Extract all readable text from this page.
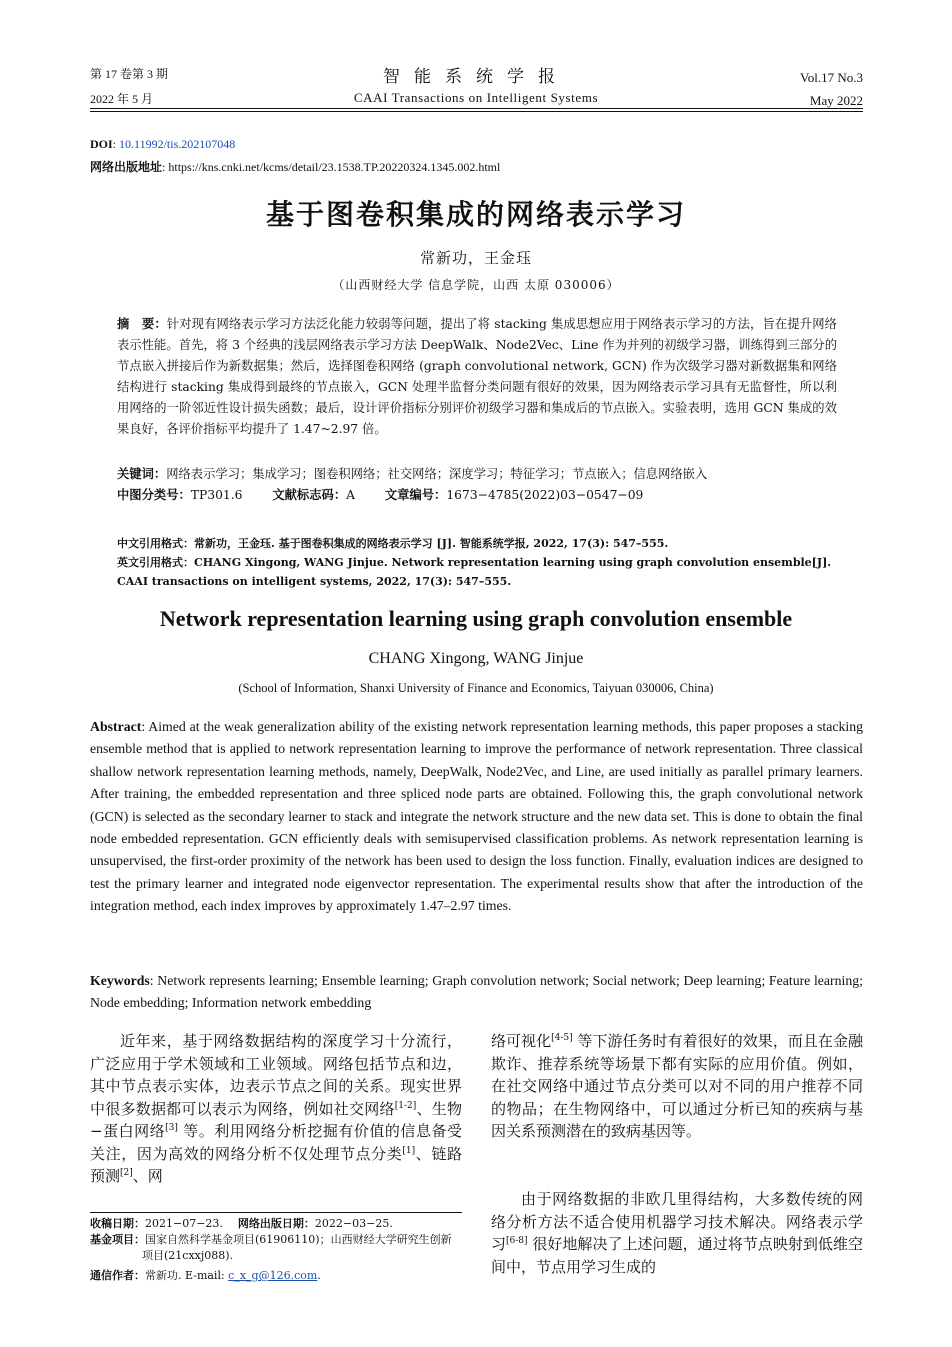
第 17 卷第 3 期
2022 年 5 月
智能系统学报
CAAI Transactions on Intelligent Systems
Vol.17 No.3
May 2022
DOI: 10.11992/tis.202107048
网络出版地址: https://kns.cnki.net/kcms/detail/23.1538.TP.20220324.1345.002.html
基于图卷积集成的网络表示学习
常新功，王金珏
（山西财经大学 信息学院，山西 太原 030006）
摘　要：针对现有网络表示学习方法泛化能力较弱等问题，提出了将 stacking 集成思想应用于网络表示学习的方法，旨在提升网络表示性能。首先，将 3 个经典的浅层网络表示学习方法 DeepWalk、Node2Vec、Line 作为并列的初级学习器，训练得到三部分的节点嵌入拼接后作为新数据集；然后，选择图卷积网络 (graph convolutional network, GCN) 作为次级学习器对新数据集和网络结构进行 stacking 集成得到最终的节点嵌入，GCN 处理半监督分类问题有很好的效果，因为网络表示学习具有无监督性，所以利用网络的一阶邻近性设计损失函数；最后，设计评价指标分别评价初级学习器和集成后的节点嵌入。实验表明，选用 GCN 集成的效果良好，各评价指标平均提升了 1.47~2.97 倍。
关键词：网络表示学习；集成学习；图卷积网络；社交网络；深度学习；特征学习；节点嵌入；信息网络嵌入
中图分类号：TP301.6 文献标志码：A 文章编号：1673−4785(2022)03−0547−09
中文引用格式：常新功，王金珏. 基于图卷积集成的网络表示学习 [J]. 智能系统学报, 2022, 17(3): 547–555.
英文引用格式：CHANG Xingong, WANG Jinjue. Network representation learning using graph convolution ensemble[J]. CAAI transactions on intelligent systems, 2022, 17(3): 547–555.
Network representation learning using graph convolution ensemble
CHANG Xingong, WANG Jinjue
(School of Information, Shanxi University of Finance and Economics, Taiyuan 030006, China)
Abstract: Aimed at the weak generalization ability of the existing network representation learning methods, this paper proposes a stacking ensemble method that is applied to network representation learning to improve the performance of network representation. Three classical shallow network representation learning methods, namely, DeepWalk, Node2Vec, and Line, are used initially as parallel primary learners. After training, the embedded representation and three spliced node parts are obtained. Following this, the graph convolutional network (GCN) is selected as the secondary learner to stack and integrate the network structure and the new data set. This is done to obtain the final node embedded representation. GCN efficiently deals with semisupervised classification problems. As network representation learning is unsupervised, the first-order proximity of the network has been used to design the loss function. Finally, evaluation indices are designed to test the primary learner and integrated node eigenvector representation. The experimental results show that after the introduction of the integration method, each index improves by approximately 1.47–2.97 times.
Keywords: Network represents learning; Ensemble learning; Graph convolution network; Social network; Deep learning; Feature learning; Node embedding; Information network embedding
近年来，基于网络数据结构的深度学习十分流行，广泛应用于学术领域和工业领域。网络包括节点和边，其中节点表示实体，边表示节点之间的关系。现实世界中很多数据都可以表示为网络，例如社交网络[1-2]、生物−蛋白网络[3] 等。利用网络分析挖掘有价值的信息备受关注，因为高效的网络分析不仅处理节点分类[1]、链路预测[2]、网
收稿日期：2021−07−23. 网络出版日期：2022−03−25.
基金项目：国家自然科学基金项目(61906110)；山西财经大学研究生创新项目(21cxxj088).
通信作者：常新功. E-mail: c_x_g@126.com.
络可视化[4-5] 等下游任务时有着很好的效果，而且在金融欺诈、推荐系统等场景下都有实际的应用价值。例如，在社交网络中通过节点分类可以对不同的用户推荐不同的物品；在生物网络中，可以通过分析已知的疾病与基因关系预测潜在的致病基因等。
由于网络数据的非欧几里得结构，大多数传统的网络分析方法不适合使用机器学习技术解决。网络表示学习[6-8] 很好地解决了上述问题，通过将节点映射到低维空间中，节点用学习生成的
